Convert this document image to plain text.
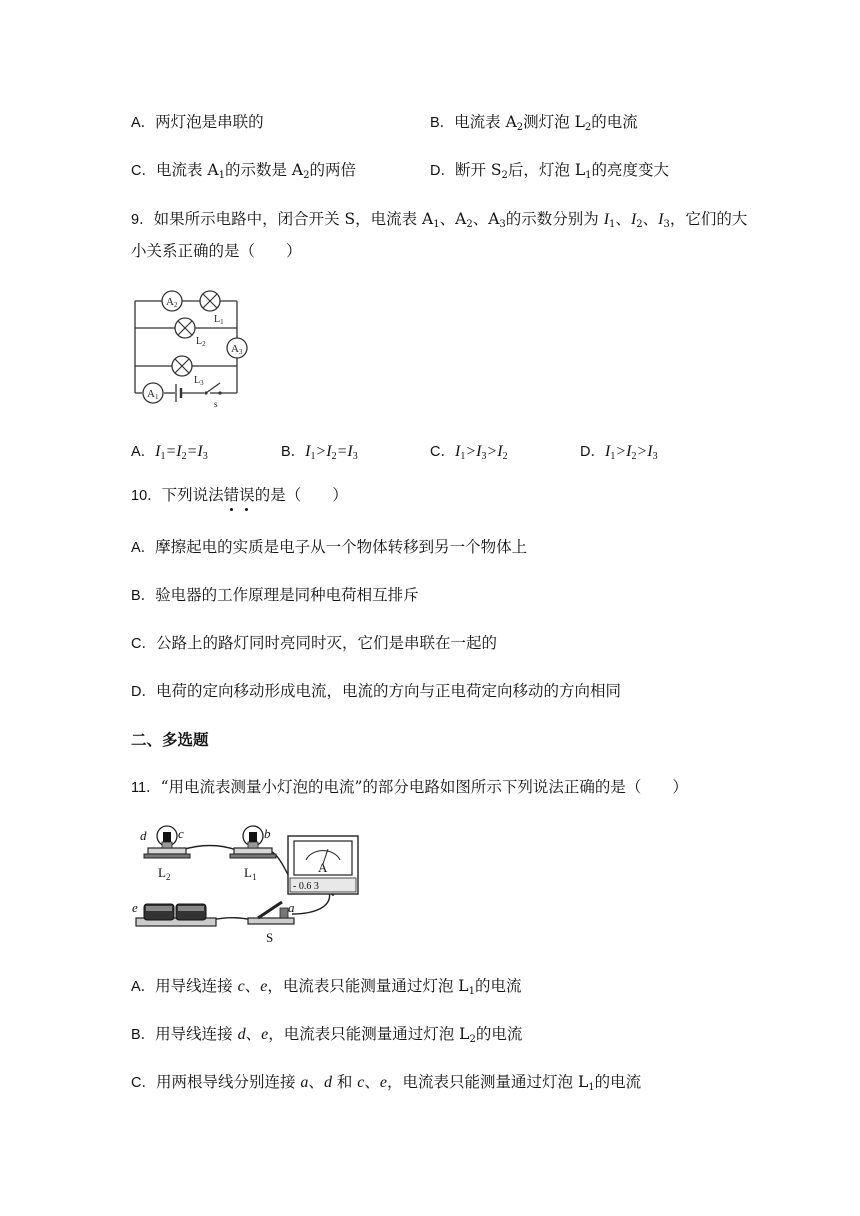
A．两灯泡是串联的	B．电流表 $A_2$测灯泡 $L_2$的电流
C．电流表 $A_1$的示数是 $A_2$的两倍	D．断开 $S_2$后，灯泡 $L_1$的亮度变大
9．如果所示电路中，闭合开关 S，电流表 $A_1$、$A_2$、$A_3$的示数分别为 $I_1$、$I_2$、$I_3$，它们的大
小关系正确的是（　　）
A3
A2
$L_1$
$L_2$
$L_3$
A1
s
A．$I_1=I_2=I_3$	B．$I_1>I_2=I_3$	C．$I_1>I_3>I_2$	D．$I_1>I_2>I_3$
10．下列说法错误的是（　　）
A．摩擦起电的实质是电子从一个物体转移到另一个物体上
B．验电器的工作原理是同种电荷相互排斥
C．公路上的路灯同时亮同时灭，它们是串联在一起的
D．电荷的定向移动形成电流，电流的方向与正电荷定向移动的方向相同
二、多选题
11．“用电流表测量小灯泡的电流”的部分电路如图所示下列说法正确的是（　　）
d c
$L_2$
b
$L_1$
A
- 0.6 3
e	a
S
A．用导线连接 c、e，电流表只能测量通过灯泡 $L_1$的电流
B．用导线连接 d、e，电流表只能测量通过灯泡 $L_2$的电流
C．用两根导线分别连接 a、d 和 c、e，电流表只能测量通过灯泡 $L_1$的电流
